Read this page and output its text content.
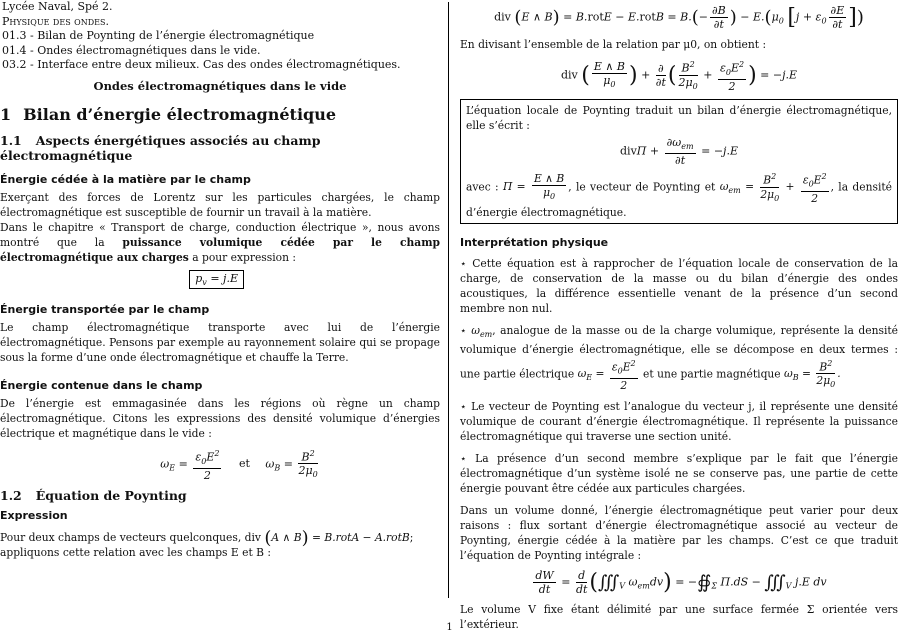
Lycée Naval, Spé 2.
Physique des ondes.
01.3 - Bilan de Poynting de l’énergie électromagnétique
01.4 - Ondes électromagnétiques dans le vide.
03.2 - Interface entre deux milieux. Cas des ondes électromagnétiques.
Ondes électromagnétiques dans le vide
1 Bilan d’énergie électromagnétique
1.1 Aspects énergétiques associés au champ électromagnétique
Énergie cédée à la matière par le champ
Exerçant des forces de Lorentz sur les particules chargées, le champ électromagnétique est susceptible de fournir un travail à la matière.
Dans le chapitre « Transport de charge, conduction électrique », nous avons montré que la puissance volumique cédée par le champ électromagnétique aux charges a pour expression :
$p_v = j.E$
Énergie transportée par le champ
Le champ électromagnétique transporte avec lui de l’énergie électromagnétique. Pensons par exemple au rayonnement solaire qui se propage sous la forme d’une onde électromagnétique et chauffe la Terre.
Énergie contenue dans le champ
De l’énergie est emmagasinée dans les régions où règne un champ électromagnétique. Citons les expressions des densité volumique d’énergies électrique et magnétique dans le vide :
$\omega_E = \frac{\varepsilon_0E^2}{2}$ et $\omega_B = \frac{B^2}{2\mu_0}$
1.2 Équation de Poynting
Expression
Pour deux champs de vecteurs quelconques, div (A ∧ B) = B.rotA − A.rotB;
appliquons cette relation avec les champs E et B :
div (E ∧ B) = B.rotE − E.rotB = $B.(- \frac{\partial B}{\partial t}$ ) − $E.(\mu_0$ [$j + \varepsilon_0 \frac{\partial E}{\partial t}$ ])
En divisant l’ensemble de la relation par μ0, on obtient :
div ( $\frac{E \wedge B}{\mu_0}$ ) + $\frac{\partial}{\partial t}$ ( $\frac{B^2}{2\mu_0} + \frac{\varepsilon_0E^2}{2}$ ) = −j.E
L’équation locale de Poynting traduit un bilan d’énergie électromagnétique, elle s’écrit :
$div\Pi + \frac{\partial\omega_{em}}{\partial t} = -j.E$
avec : $\Pi = \frac{E \wedge B}{\mu_0}$ , le vecteur de Poynting et $\omega_{em} = \frac{B^2}{2\mu_0} + \frac{\varepsilon_0E^2}{2}$ , la densité d’énergie électromagnétique.
Interprétation physique
⋆ Cette équation est à rapprocher de l’équation locale de conservation de la charge, de conservation de la masse ou du bilan d’énergie des ondes acoustiques, la différence essentielle venant de la présence d’un second membre non nul.
⋆ $\omega_{em}$, analogue de la masse ou de la charge volumique, représente la densité volumique d’énergie électromagnétique, elle se décompose en deux termes : une partie électrique $\omega_E = \frac{\varepsilon_0E^2}{2}$ et une partie magnétique $\omega_B = \frac{B^2}{2\mu_0}$ .
⋆ Le vecteur de Poynting est l’analogue du vecteur j, il représente une densité volumique de courant d’énergie électromagnétique. Il représente la puissance électromagnétique qui traverse une section unité.
⋆ La présence d’un second membre s’explique par le fait que l’énergie électromagnétique d’un système isolé ne se conserve pas, une partie de cette énergie pouvant être cédée aux particules chargées.
Dans un volume donné, l’énergie électromagnétique peut varier pour deux raisons : flux sortant d’énergie électromagnétique associé au vecteur de Poynting, énergie cédée à la matière par les champs. C’est ce que traduit l’équation de Poynting intégrale :
$\frac{dW}{dt} = \frac{d}{dt}$ ($∭_V$ $\omega_{em}dv$) = $-∯_\Sigma$ $\Pi.dS - ∭_V$ j.E dv
Le volume V fixe étant délimité par une surface fermée Σ orientée vers l’extérieur.
1
